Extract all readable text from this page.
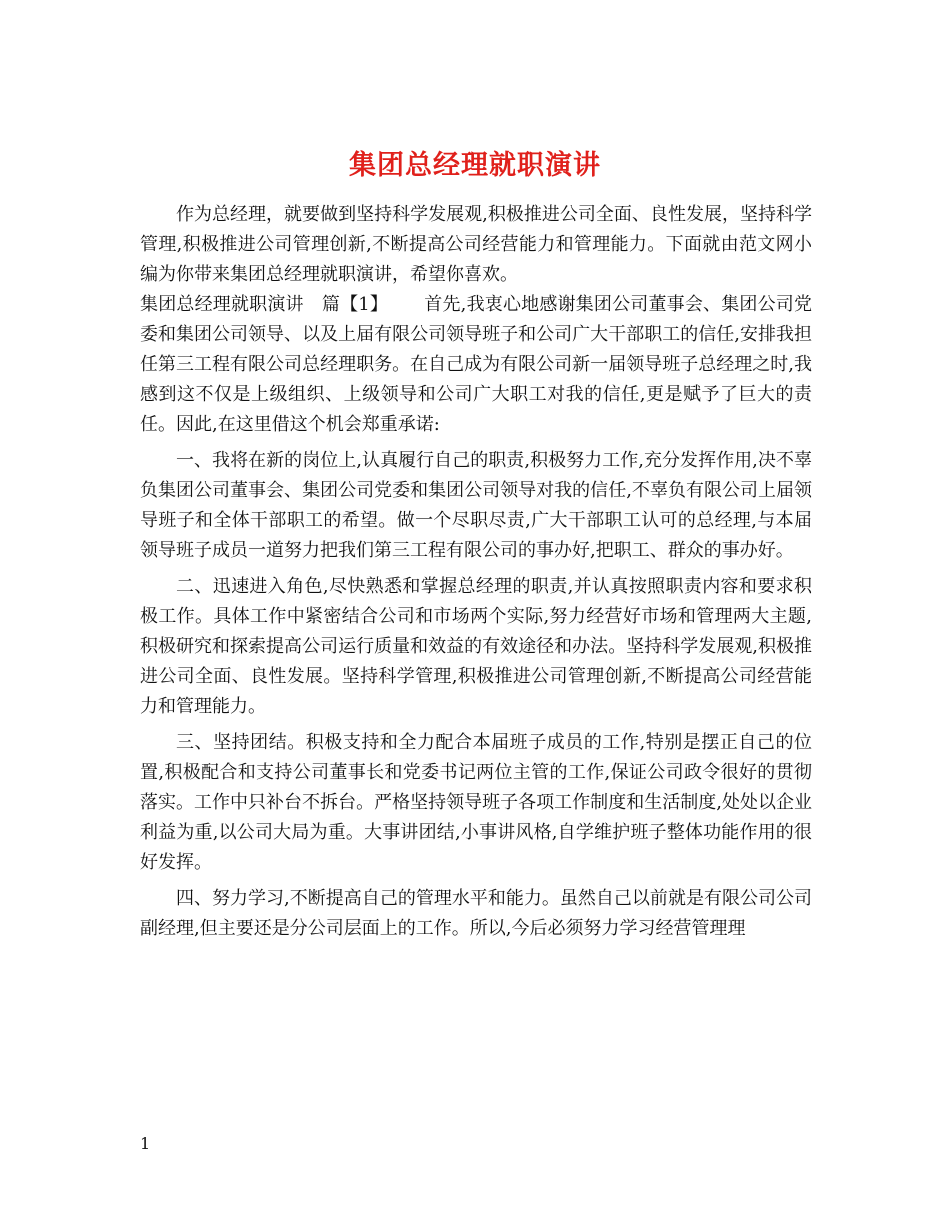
集团总经理就职演讲

作为总经理，就要做到坚持科学发展观,积极推进公司全面、良性发展，坚持科学管理,积极推进公司管理创新,不断提高公司经营能力和管理能力。下面就由范文网小编为你带来集团总经理就职演讲，希望你喜欢。

集团总经理就职演讲　篇【1】 首先,我衷心地感谢集团公司董事会、集团公司党委和集团公司领导、以及上届有限公司领导班子和公司广大干部职工的信任,安排我担任第三工程有限公司总经理职务。在自己成为有限公司新一届领导班子总经理之时,我感到这不仅是上级组织、上级领导和公司广大职工对我的信任,更是赋予了巨大的责任。因此,在这里借这个机会郑重承诺:

一、我将在新的岗位上,认真履行自己的职责,积极努力工作,充分发挥作用,决不辜负集团公司董事会、集团公司党委和集团公司领导对我的信任,不辜负有限公司上届领导班子和全体干部职工的希望。做一个尽职尽责,广大干部职工认可的总经理,与本届领导班子成员一道努力把我们第三工程有限公司的事办好,把职工、群众的事办好。

二、迅速进入角色,尽快熟悉和掌握总经理的职责,并认真按照职责内容和要求积极工作。具体工作中紧密结合公司和市场两个实际,努力经营好市场和管理两大主题,积极研究和探索提高公司运行质量和效益的有效途径和办法。坚持科学发展观,积极推进公司全面、良性发展。坚持科学管理,积极推进公司管理创新,不断提高公司经营能力和管理能力。

三、坚持团结。积极支持和全力配合本届班子成员的工作,特别是摆正自己的位置,积极配合和支持公司董事长和党委书记两位主管的工作,保证公司政令很好的贯彻落实。工作中只补台不拆台。严格坚持领导班子各项工作制度和生活制度,处处以企业利益为重,以公司大局为重。大事讲团结,小事讲风格,自学维护班子整体功能作用的很好发挥。

四、努力学习,不断提高自己的管理水平和能力。虽然自己以前就是有限公司公司副经理,但主要还是分公司层面上的工作。所以,今后必须努力学习经营管理理

1
